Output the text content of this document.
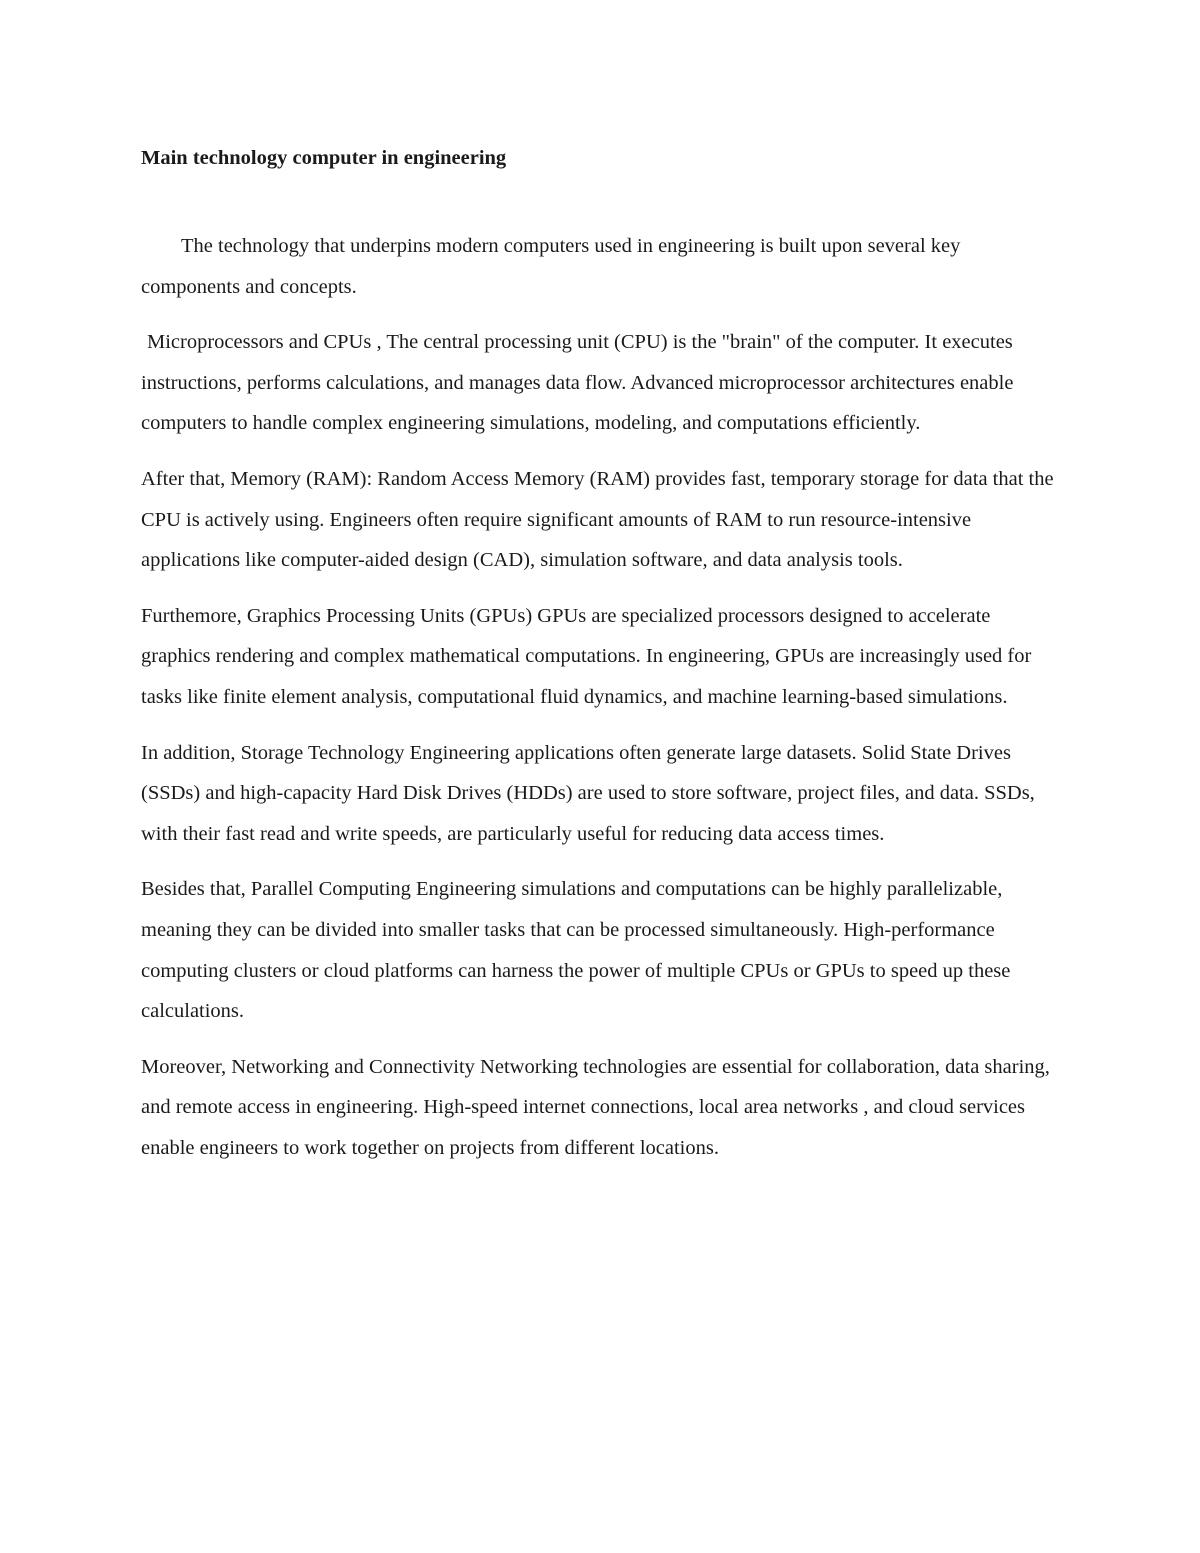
Main technology computer in engineering

The technology that underpins modern computers used in engineering is built upon several key components and concepts.

Microprocessors and CPUs , The central processing unit (CPU) is the "brain" of the computer. It executes instructions, performs calculations, and manages data flow. Advanced microprocessor architectures enable computers to handle complex engineering simulations, modeling, and computations efficiently.

After that, Memory (RAM): Random Access Memory (RAM) provides fast, temporary storage for data that the CPU is actively using. Engineers often require significant amounts of RAM to run resource-intensive applications like computer-aided design (CAD), simulation software, and data analysis tools.

Furthemore, Graphics Processing Units (GPUs) GPUs are specialized processors designed to accelerate graphics rendering and complex mathematical computations. In engineering, GPUs are increasingly used for tasks like finite element analysis, computational fluid dynamics, and machine learning-based simulations.

In addition, Storage Technology Engineering applications often generate large datasets. Solid State Drives (SSDs) and high-capacity Hard Disk Drives (HDDs) are used to store software, project files, and data. SSDs, with their fast read and write speeds, are particularly useful for reducing data access times.

Besides that, Parallel Computing Engineering simulations and computations can be highly parallelizable, meaning they can be divided into smaller tasks that can be processed simultaneously. High-performance computing clusters or cloud platforms can harness the power of multiple CPUs or GPUs to speed up these calculations.

Moreover, Networking and Connectivity Networking technologies are essential for collaboration, data sharing, and remote access in engineering. High-speed internet connections, local area networks , and cloud services enable engineers to work together on projects from different locations.
